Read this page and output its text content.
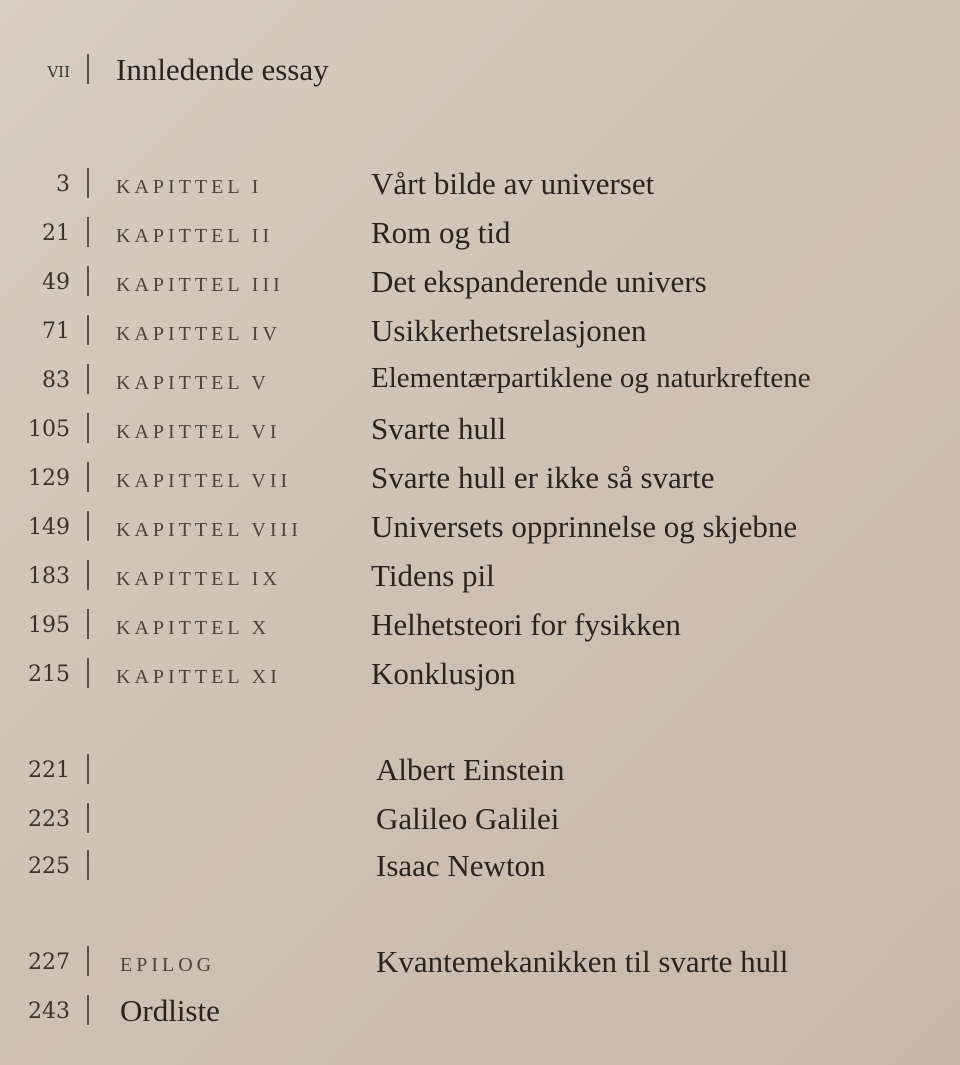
vii Innledende essay
3 KAPITTEL I	Vårt bilde av universet
21 KAPITTEL II	Rom og tid
49 KAPITTEL III	Det ekspanderende univers
71 KAPITTEL IV	Usikkerhetsrelasjonen
83 KAPITTEL V	Elementærpartiklene og naturkreftene
105 KAPITTEL VI	Svarte hull
129 KAPITTEL VII	Svarte hull er ikke så svarte
149 KAPITTEL VIII Universets opprinnelse og skjebne
183 KAPITTEL IX	Tidens pil
195 KAPITTEL X	Helhetsteori for fysikken
215 KAPITTEL XI	Konklusjon
221	Albert Einstein
223	Galileo Galilei
225	Isaac Newton
227	EPILOG	Kvantemekanikken til svarte hull
243 Ordliste
